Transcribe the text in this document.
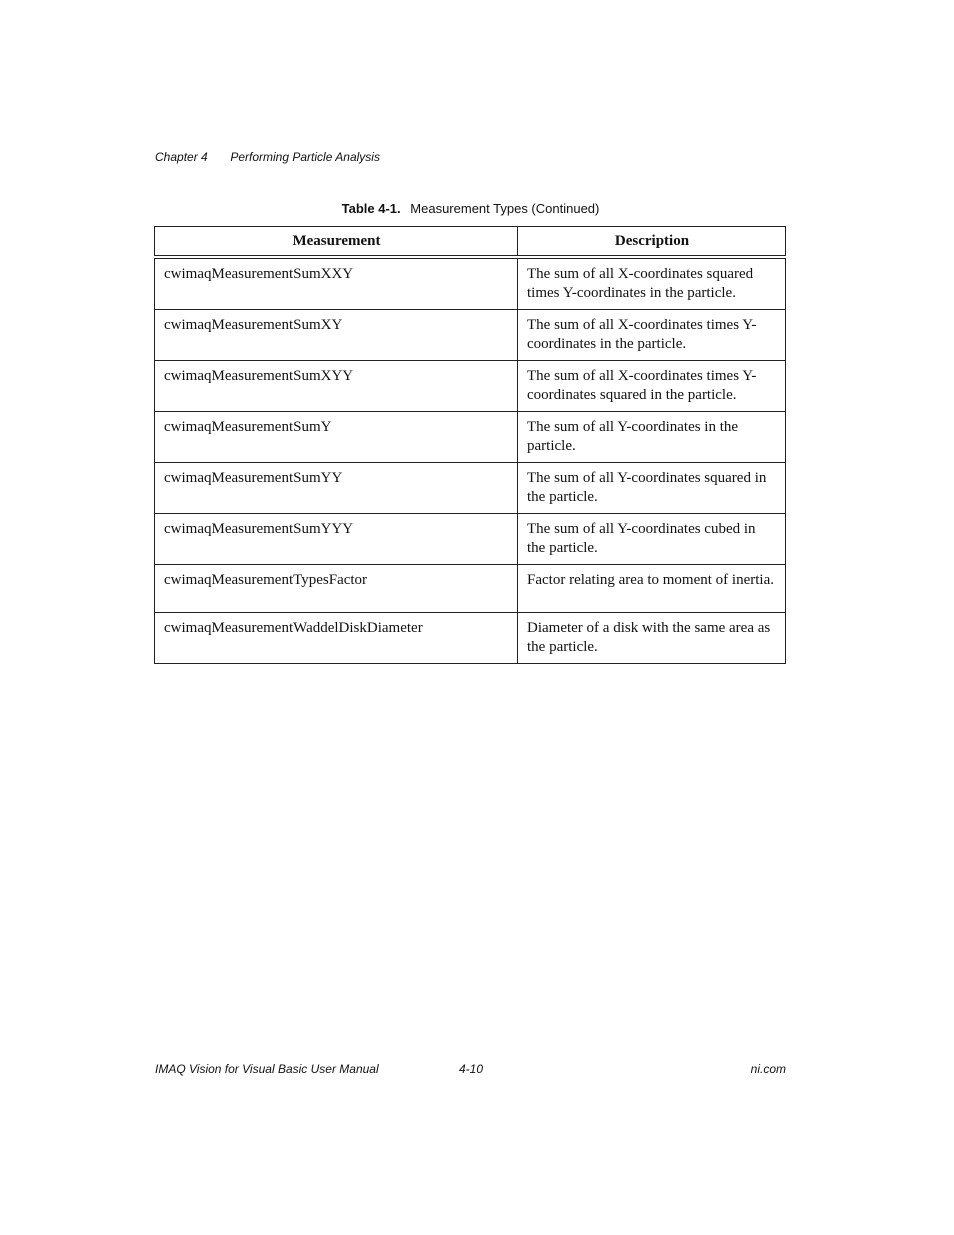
Chapter 4 Performing Particle Analysis
Table 4-1. Measurement Types (Continued)
Measurement	Description
cwimaqMeasurementSumXXY	The sum of all X-coordinates squared times Y-coordinates in the particle.
cwimaqMeasurementSumXY	The sum of all X-coordinates times Y-coordinates in the particle.
cwimaqMeasurementSumXYY	The sum of all X-coordinates times Y-coordinates squared in the particle.
cwimaqMeasurementSumY	The sum of all Y-coordinates in the particle.
cwimaqMeasurementSumYY	The sum of all Y-coordinates squared in the particle.
cwimaqMeasurementSumYYY	The sum of all Y-coordinates cubed in the particle.
cwimaqMeasurementTypesFactor	Factor relating area to moment of inertia.
cwimaqMeasurementWaddelDiskDiameter	Diameter of a disk with the same area as the particle.
IMAQ Vision for Visual Basic User Manual	4-10	ni.com
